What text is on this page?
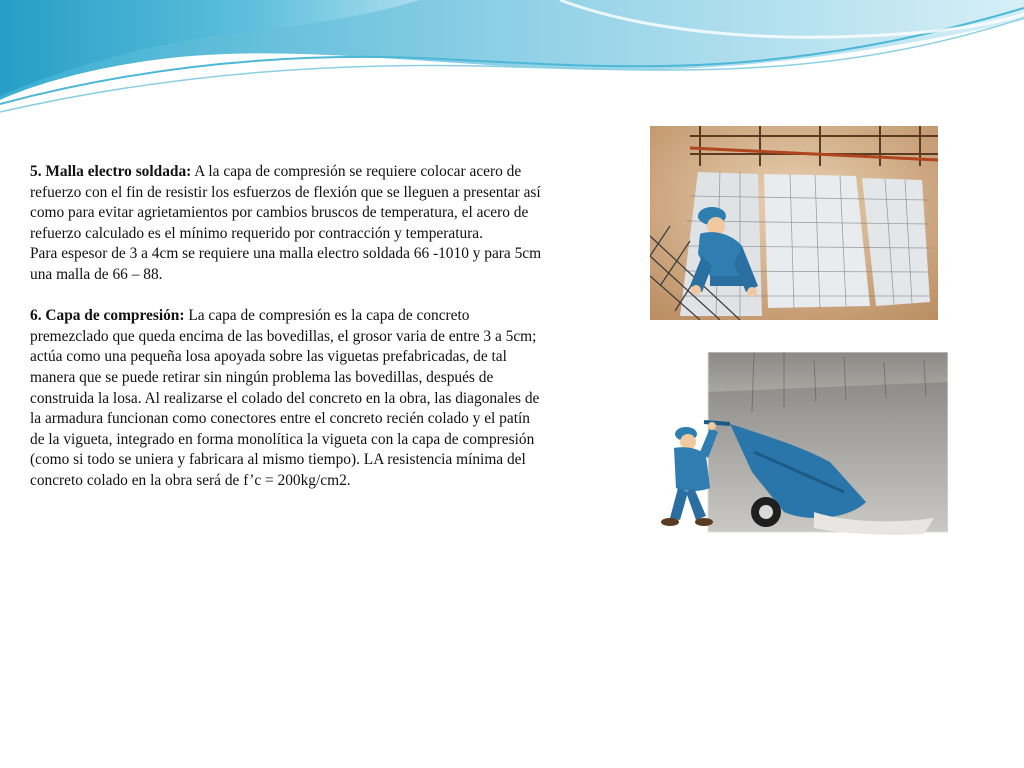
5. Malla electro soldada: A la capa de compresión se requiere colocar acero de refuerzo con el fin de resistir los esfuerzos de flexión que se lleguen a presentar así como para evitar agrietamientos por cambios bruscos de temperatura, el acero de refuerzo calculado es el mínimo requerido por contracción y temperatura.

Para espesor de 3 a 4cm se requiere una malla electro soldada 66 -1010 y para 5cm una malla de 66 – 88.

6. Capa de compresión: La capa de compresión es la capa de concreto premezclado que queda encima de las bovedillas, el grosor varia de entre 3 a 5cm; actúa como una pequeña losa apoyada sobre las viguetas prefabricadas, de tal manera que se puede retirar sin ningún problema las bovedillas, después de construida la losa. Al realizarse el colado del concreto en la obra, las diagonales de la armadura funcionan como conectores entre el concreto recién colado y el patín de la vigueta, integrado en forma monolítica la vigueta con la capa de compresión (como si todo se uniera y fabricara al mismo tiempo). LA resistencia mínima del concreto colado en la obra será de f’c = 200kg/cm2.
